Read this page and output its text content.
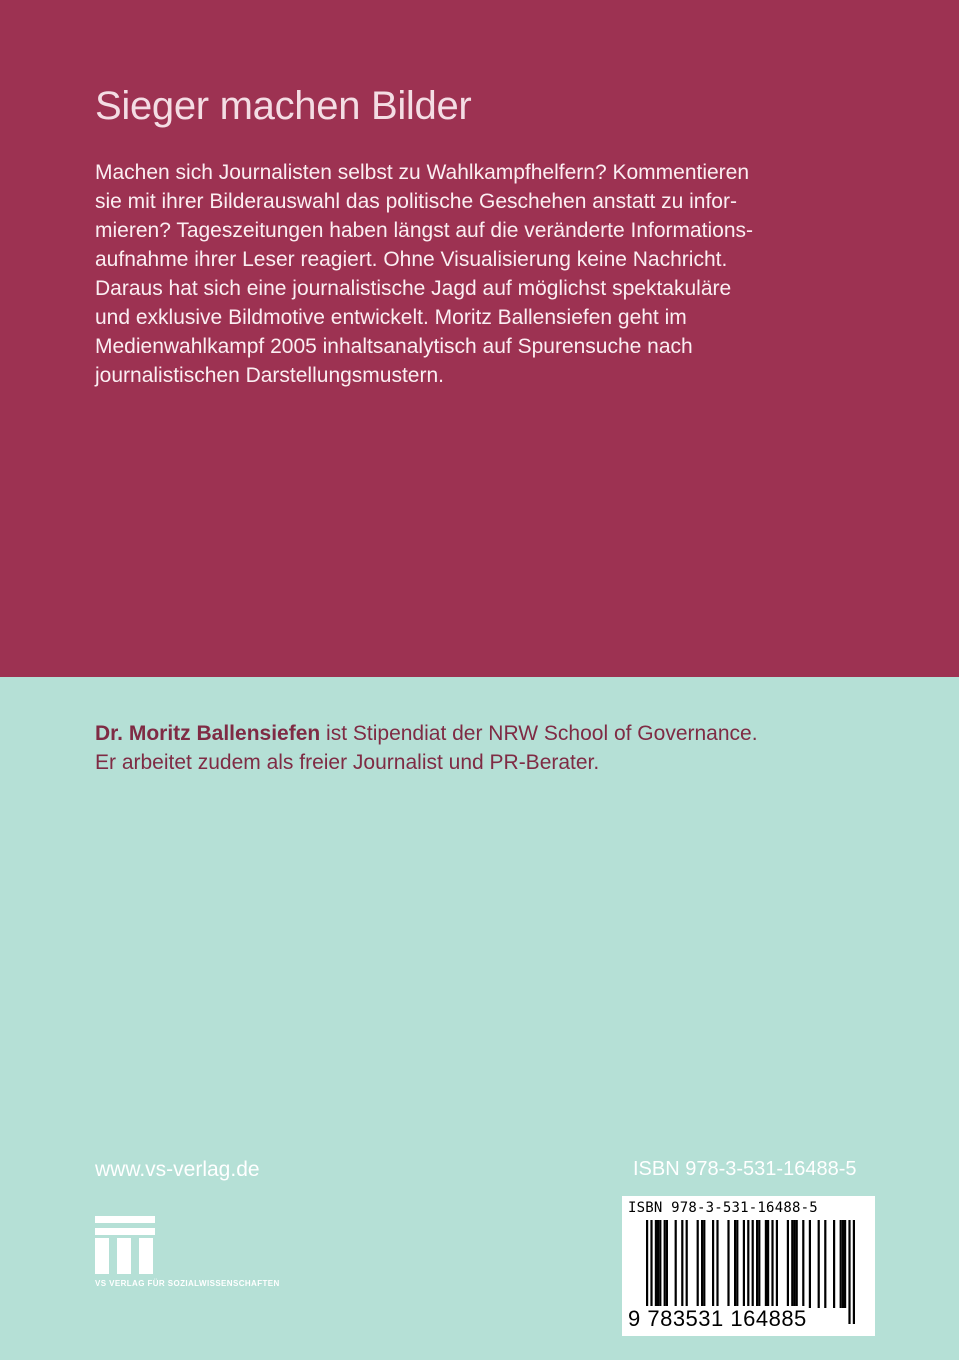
Sieger machen Bilder
Machen sich Journalisten selbst zu Wahlkampfhelfern? Kommentieren
sie mit ihrer Bilderauswahl das politische Geschehen anstatt zu infor-
mieren? Tageszeitungen haben längst auf die veränderte Informations-
aufnahme ihrer Leser reagiert. Ohne Visualisierung keine Nachricht.
Daraus hat sich eine journalistische Jagd auf möglichst spektakuläre
und exklusive Bildmotive entwickelt. Moritz Ballensiefen geht im
Medienwahlkampf 2005 inhaltsanalytisch auf Spurensuche nach
journalistischen Darstellungsmustern.
Dr. Moritz Ballensiefen ist Stipendiat der NRW School of Governance.
Er arbeitet zudem als freier Journalist und PR-Berater.
www.vs-verlag.de	ISBN 978-3-531-16488-5
VS VERLAG FÜR SOZIALWISSENSCHAFTEN
ISBN 978-3-531-16488-5
9 783531 164885
